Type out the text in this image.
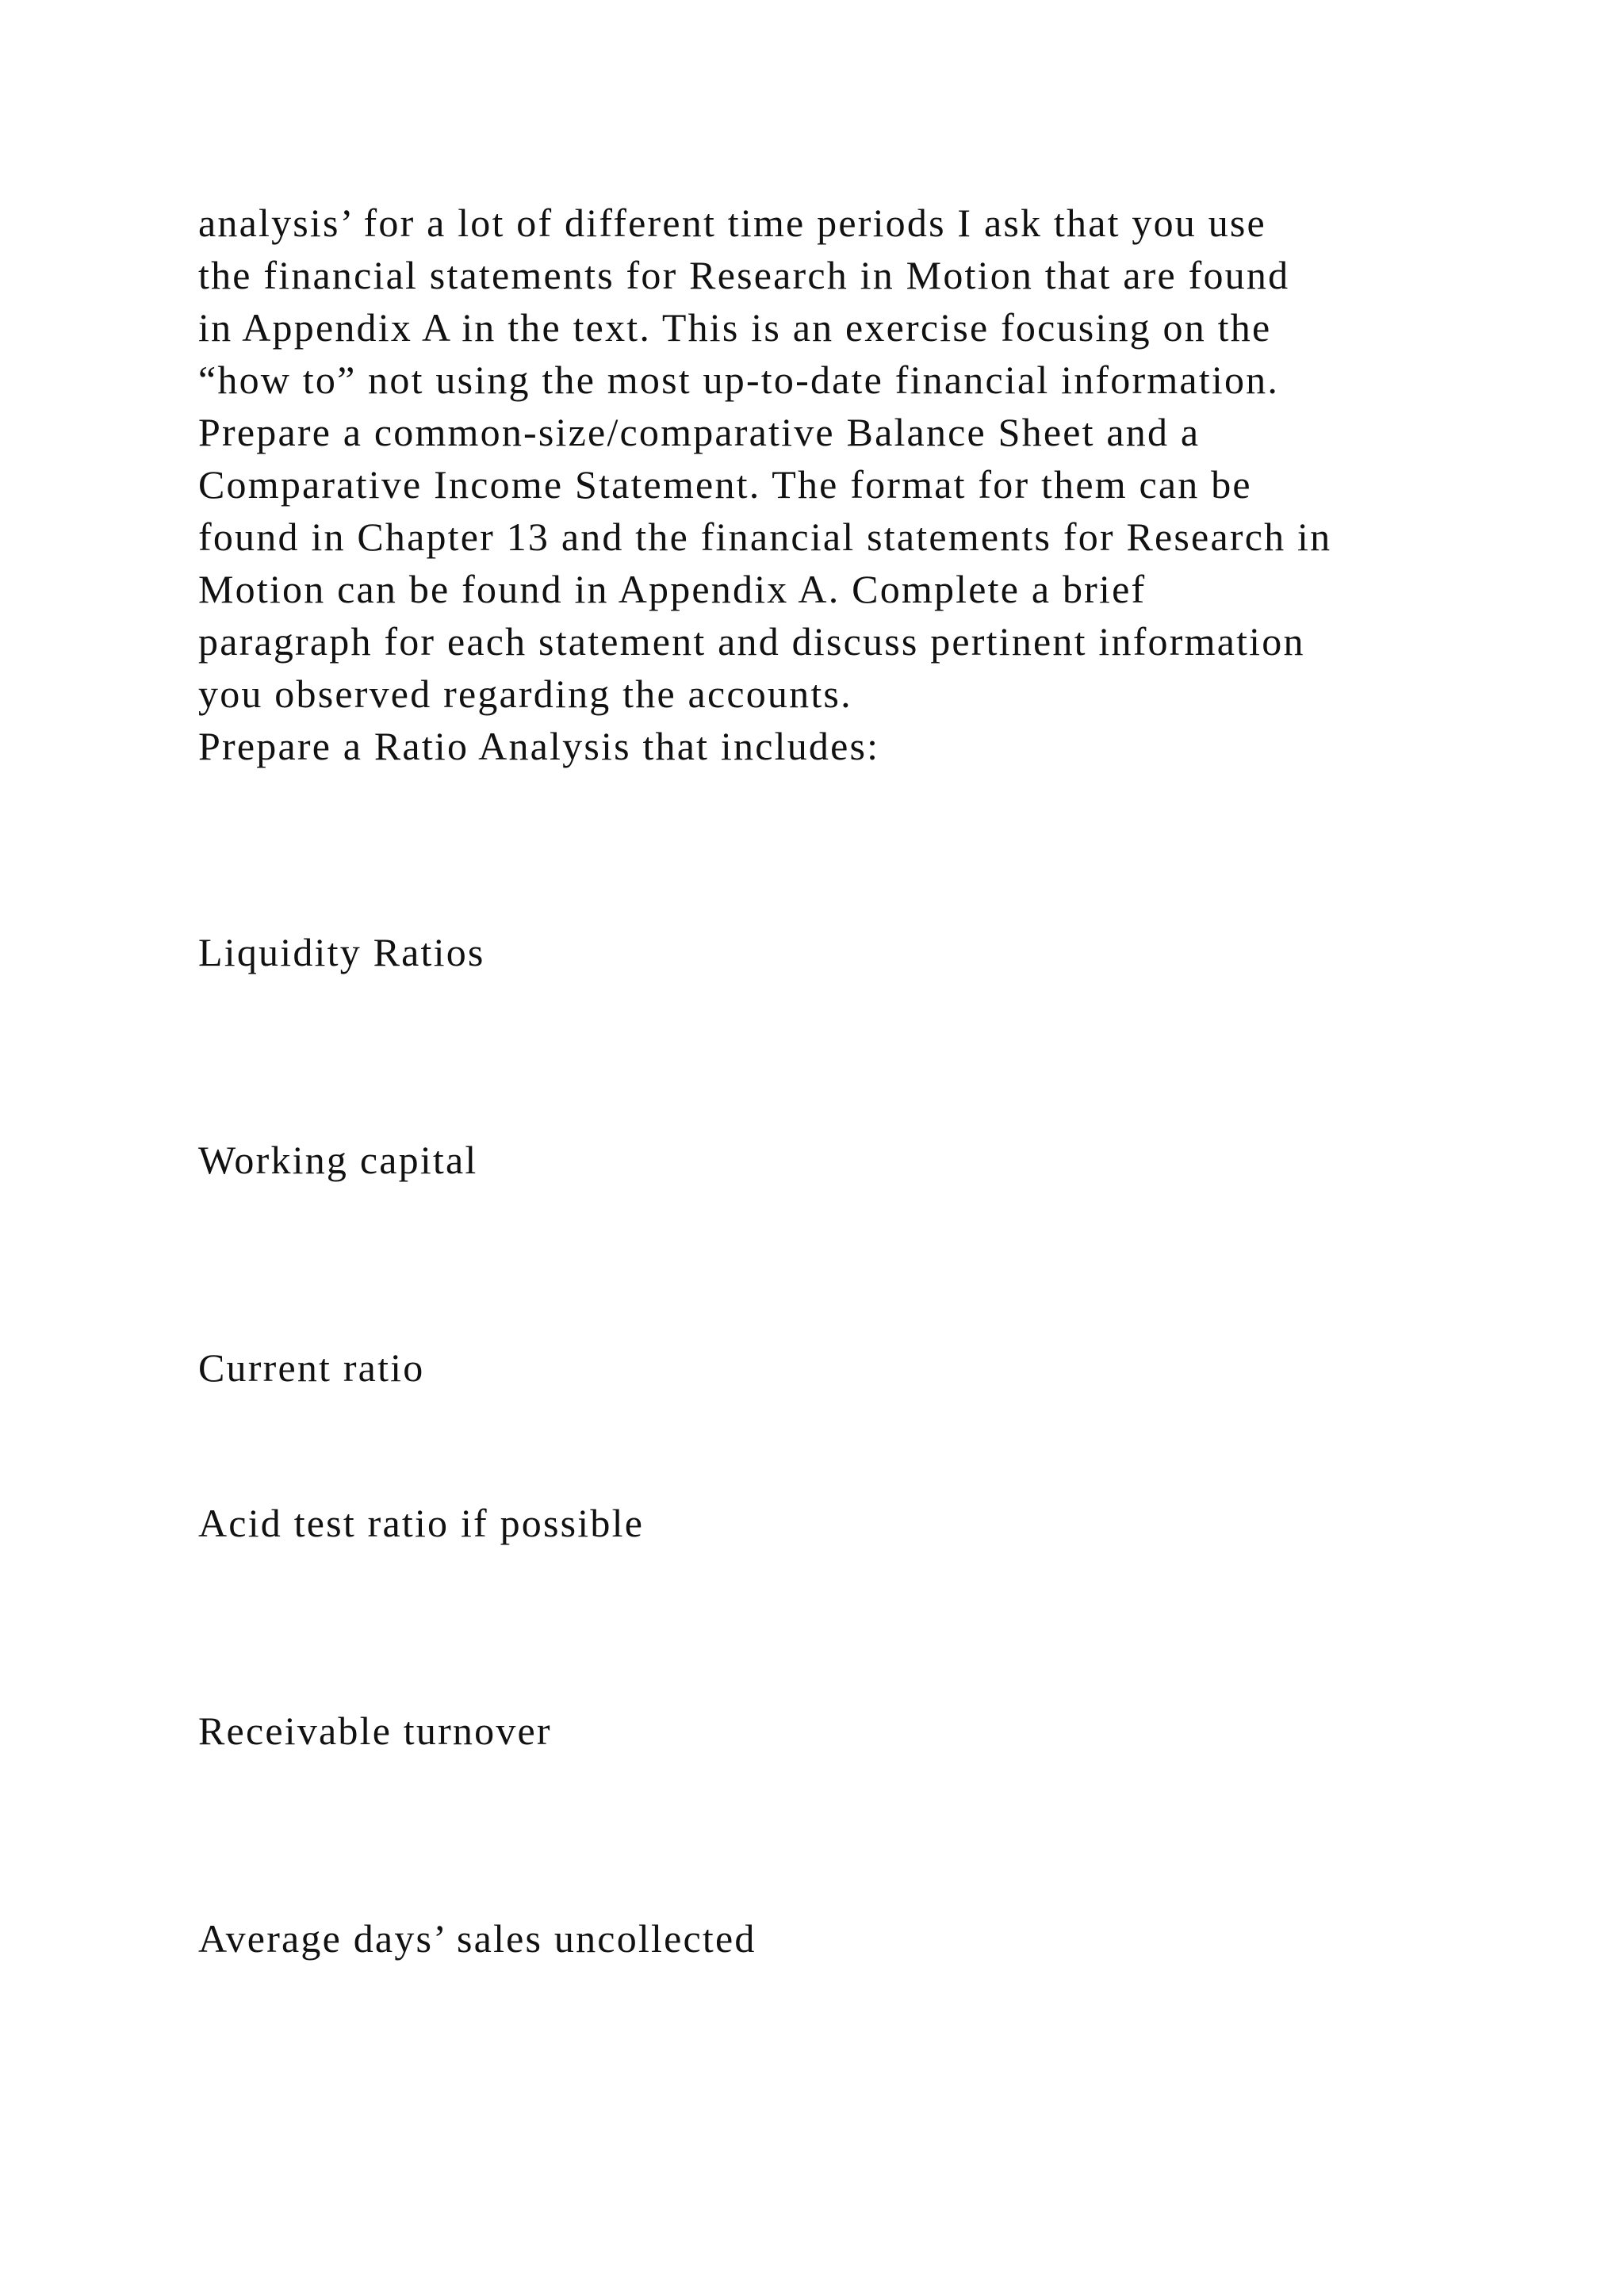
analysis’ for a lot of different time periods I ask that you use
the financial statements for Research in Motion that are found
in Appendix A in the text. This is an exercise focusing on the
“how to” not using the most up-to-date financial information.
Prepare a common-size/comparative Balance Sheet and a
Comparative Income Statement. The format for them can be
found in Chapter 13 and the financial statements for Research in
Motion can be found in Appendix A. Complete a brief
paragraph for each statement and discuss pertinent information
you observed regarding the accounts.
Prepare a Ratio Analysis that includes:
Liquidity Ratios
Working capital
Current ratio
Acid test ratio if possible
Receivable turnover
Average days’ sales uncollected
